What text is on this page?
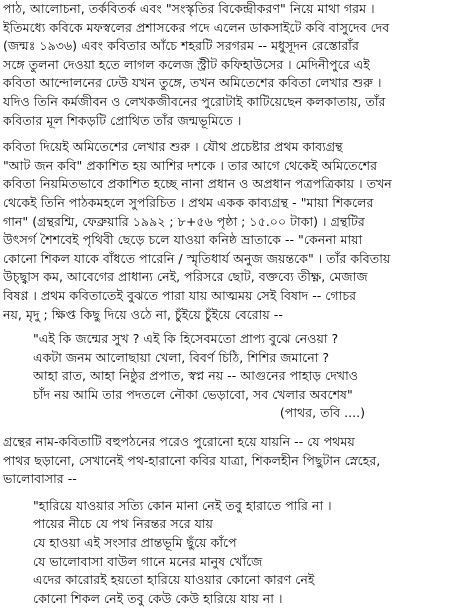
পাঠ, আলোচনা, তর্কবিতর্ক এবং "সংস্কৃতির বিকেন্দ্রীকরণ" নিয়ে মাথা গরম ।
ইতিমধ্যে কবিকে মফস্বলের প্রশাসকের পদে এলেন ডাকসাইটে কবি বাসুদেব দেব
(জন্মঃ ১৯৩৬) এবং কবিতার আঁচে শহরটি সরগরম -- মধুসূদন রেস্তোরাঁর
সঙ্গে তুলনা দেওয়া হতে লাগল কলেজ স্ট্রীট কফিহাউসের । মেদিনীপুরে এই
কবিতা আন্দোলনের ঢেউ যখন তুঙ্গে, তখন অমিতেশের কবিতা লেখার শুরু ।
যদিও তিনি কর্মজীবন ও লেখকজীবনের পুরোটাই কাটিয়েছেন কলকাতায়, তাঁর
কবিতার মূল শিকড়টি প্রোথিত তাঁর জন্মভূমিতে ।
কবিতা দিয়েই অমিতেশের লেখার শুরু । যৌথ প্রচেষ্টার প্রথম কাব্যগ্রন্থ
"আট জন কবি" প্রকাশিত হয় আশির দশকে । তার আগে থেকেই অমিতেশের
কবিতা নিয়মিতভাবে প্রকাশিত হচ্ছে নানা প্রধান ও অপ্রধান পত্রপত্রিকায় । তখন
থেকেই তিনি পাঠকমহলে সুপরিচিত । প্রথম একক কাব্যগ্রন্থ - "মায়া শিকলের
গান" (গ্রন্থরশ্মি, ফেব্রুয়ারি ১৯৯২ ; ৮+৫৬ পৃষ্ঠা ; ১৫.০০ টাকা) । গ্রন্থটির
উৎসর্গ শৈশবেই পৃথিবী ছেড়ে চলে যাওয়া কনিষ্ঠ ভ্রাতাকে -- "কেননা মায়া
কোনো শিকল যাকে বাঁধতে পারেনি / স্মৃতিধার্য অনুজ জয়ন্তকে" । তাঁর কবিতায়
উচ্ছ্বাস কম, আবেগের প্রাধান্য নেই, পরিসরে ছোট, বক্তব্যে তীক্ষ্ণ, মেজাজ
বিষণ্ণ । প্রথম কবিতাতেই বুঝতে পারা যায় আত্মময় সেই বিষাদ -- গোচর
নয়, মৃদু ; ক্ষিপ্ত কিছু দিয়ে ওঠে না, চুঁইয়ে চুঁইয়ে বেরোয় --
"এই কি জন্মের সুখ ? এই কি হিসেবমতো প্রাপ্য বুঝে নেওয়া ?
একটা জনম আলোছায়া খেলা, বিবর্ণ চিঠি, শিশির জমানো ?
আহা রাত, আহা নিষ্ঠুর প্রপাত, স্বপ্ন নয় -- আগুনের পাহাড় দেখাও
চাঁদ নয় আমি তার পদতলে নৌকা ভেড়াবো, সব খেলার অবশেষ"
(পাথর, তবি ....)
গ্রন্থের নাম-কবিতাটি বহুপঠনের পরেও পুরোনো হয়ে যায়নি -- যে পথময়
পাথর ছড়ানো, সেখানেই পথ-হারানো কবির যাত্রা, শিকলহীন পিছুটান স্নেহের,
ভালোবাসার --
"হারিয়ে যাওয়ার সত্যি কোন মানা নেই তবু হারাতে পারি না ।
পায়ের নীচে যে পথ নিরন্তর সরে যায়
যে হাওয়া এই সংসার প্রান্তভূমি ছুঁয়ে কাঁপে
যে ভালোবাসা বাউল গানে মনের মানুষ খোঁজে
এদের কারোরই হয়তো হারিয়ে যাওয়ার কোনো কারণ নেই
কোনো শিকল নেই তবু কেউ কেউ হারিয়ে যায় না ।
